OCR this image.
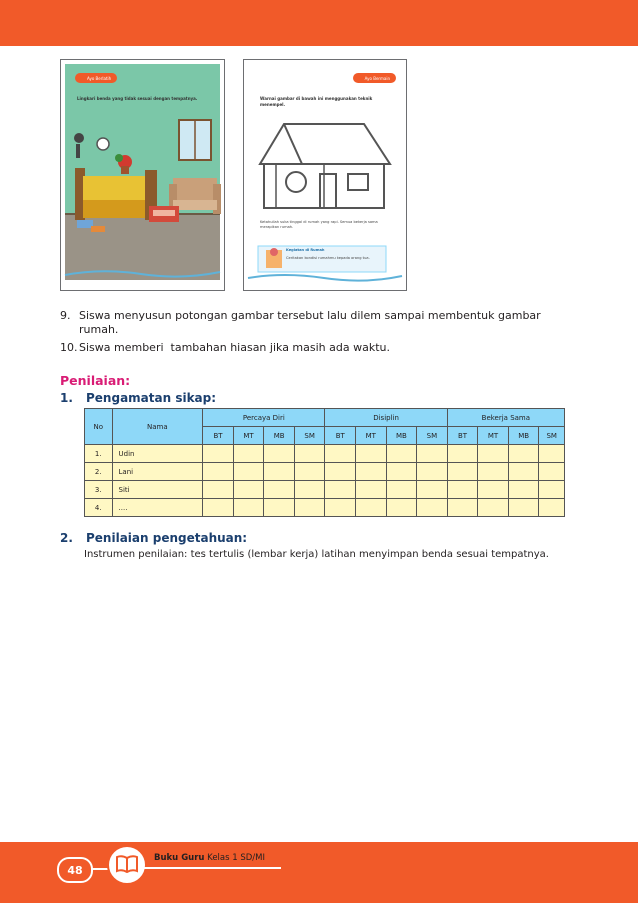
Ayo Berlatih
Lingkari benda yang tidak sesuai dengan tempatnya.
Ayo Bermain
Warnai gambar di bawah ini menggunakan teknik menempel.
Ketahuilah suka tinggal di rumah yang rapi. Semua bekerja sama merapikan rumah.
Kegiatan di Rumah
Ceritakan kondisi rumahmu kepada orang tua.
9. Siswa menyusun potongan gambar tersebut lalu dilem sampai membentuk gambar
rumah.
10. Siswa memberi  tambahan hiasan jika masih ada waktu.
Penilaian:
1. Pengamatan sikap:
No	Nama	Percaya Diri				Disiplin				Bekerja Sama			
		BT	MT	MB	SM	BT	MT	MB	SM	BT	MT	MB	SM
1.	Udin												
2.	Lani												
3.	Siti												
4.	....												
2. Penilaian pengetahuan:
Instrumen penilaian: tes tertulis (lembar kerja) latihan menyimpan benda sesuai tempatnya.
48
Buku Guru Kelas 1 SD/MI
